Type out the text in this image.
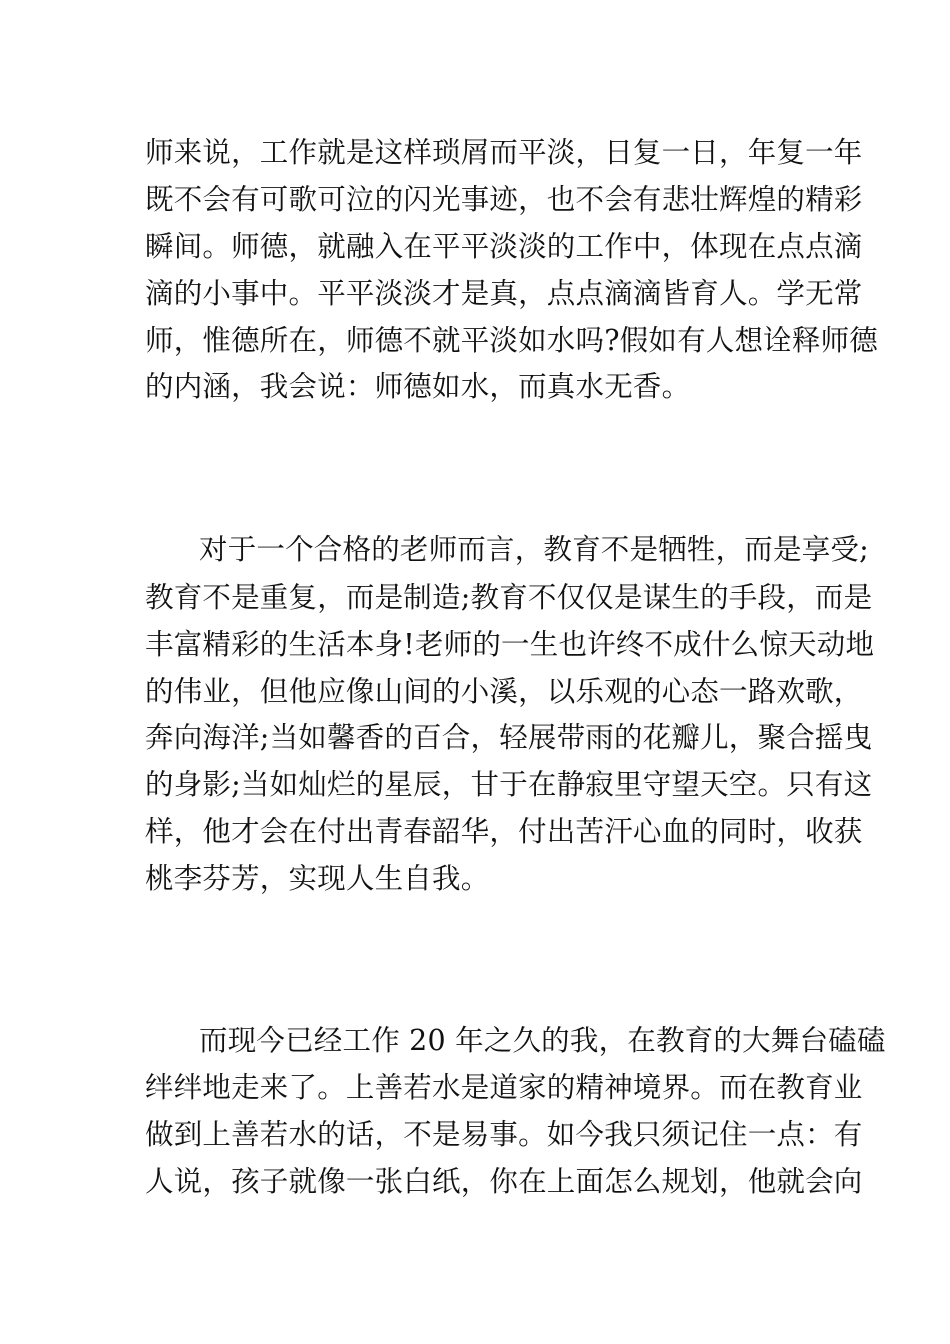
师来说，工作就是这样琐屑而平淡，日复一日，年复一年
既不会有可歌可泣的闪光事迹，也不会有悲壮辉煌的精彩
瞬间。师德，就融入在平平淡淡的工作中，体现在点点滴
滴的小事中。平平淡淡才是真，点点滴滴皆育人。学无常
师，惟德所在，师德不就平淡如水吗?假如有人想诠释师德
的内涵，我会说：师德如水，而真水无香。
对于一个合格的老师而言，教育不是牺牲，而是享受;
教育不是重复，而是制造;教育不仅仅是谋生的手段，而是
丰富精彩的生活本身!老师的一生也许终不成什么惊天动地
的伟业，但他应像山间的小溪，以乐观的心态一路欢歌，
奔向海洋;当如馨香的百合，轻展带雨的花瓣儿，聚合摇曳
的身影;当如灿烂的星辰，甘于在静寂里守望天空。只有这
样，他才会在付出青春韶华，付出苦汗心血的同时，收获
桃李芬芳，实现人生自我。
而现今已经工作 20 年之久的我，在教育的大舞台磕磕
绊绊地走来了。上善若水是道家的精神境界。而在教育业
做到上善若水的话，不是易事。如今我只须记住一点：有
人说，孩子就像一张白纸，你在上面怎么规划，他就会向
